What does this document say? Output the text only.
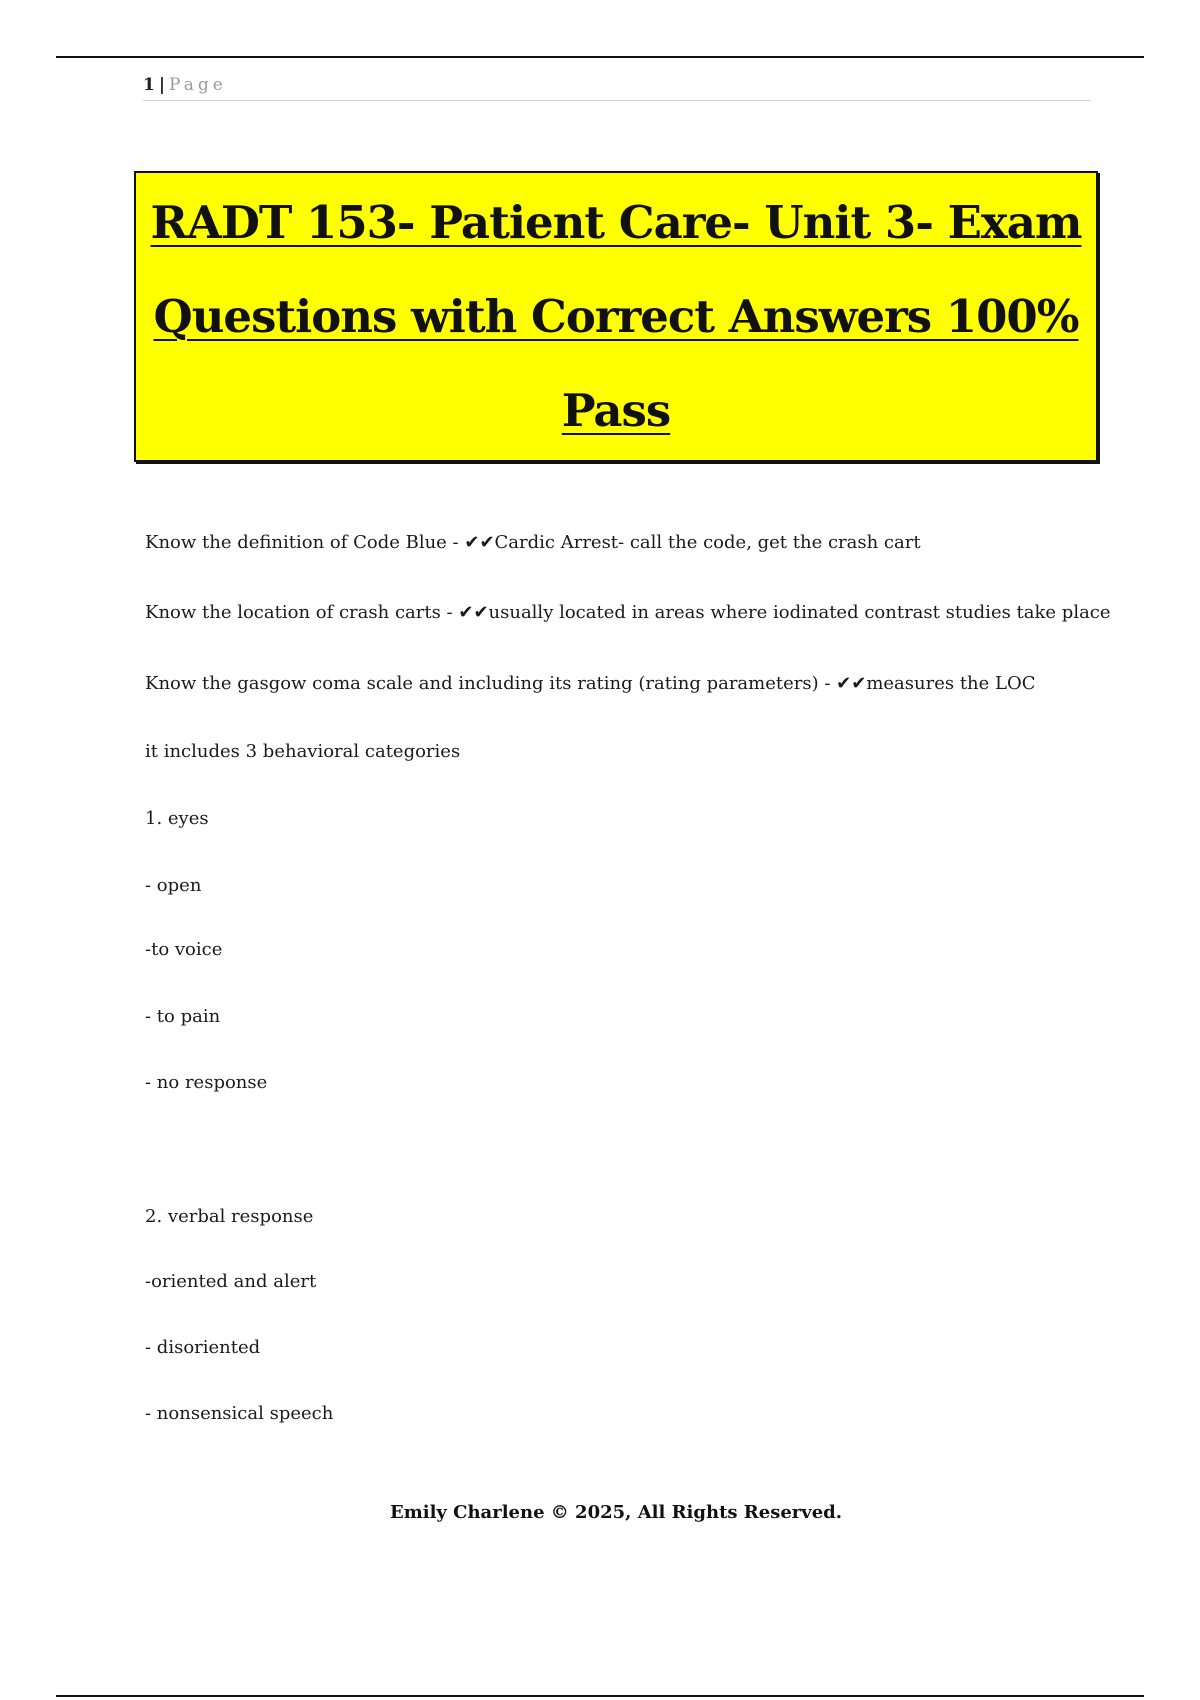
1 | Page
RADT 153- Patient Care- Unit 3- Exam
Questions with Correct Answers 100%
Pass
Know the definition of Code Blue - ✔✔Cardic Arrest- call the code, get the crash cart
Know the location of crash carts - ✔✔usually located in areas where iodinated contrast studies take place
Know the gasgow coma scale and including its rating (rating parameters) - ✔✔measures the LOC
it includes 3 behavioral categories
1. eyes
- open
-to voice
- to pain
- no response
2. verbal response
-oriented and alert
- disoriented
- nonsensical speech
Emily Charlene © 2025, All Rights Reserved.
